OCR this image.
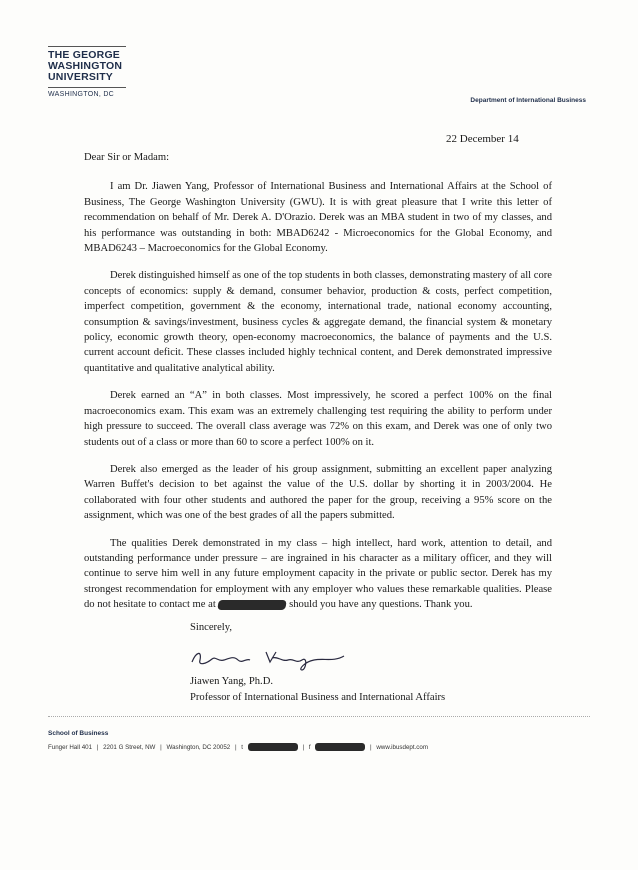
THE GEORGE
WASHINGTON
UNIVERSITY
WASHINGTON, DC
Department of International Business
22 December 14

Dear Sir or Madam:

I am Dr. Jiawen Yang, Professor of International Business and International Affairs at the School of Business, The George Washington University (GWU). It is with great pleasure that I write this letter of recommendation on behalf of Mr. Derek A. D'Orazio. Derek was an MBA student in two of my classes, and his performance was outstanding in both: MBAD6242 - Microeconomics for the Global Economy, and MBAD6243 – Macroeconomics for the Global Economy.

Derek distinguished himself as one of the top students in both classes, demonstrating mastery of all core concepts of economics: supply & demand, consumer behavior, production & costs, perfect competition, imperfect competition, government & the economy, international trade, national economy accounting, consumption & savings/investment, business cycles & aggregate demand, the financial system & monetary policy, economic growth theory, open-economy macroeconomics, the balance of payments and the U.S. current account deficit. These classes included highly technical content, and Derek demonstrated impressive quantitative and qualitative analytical ability.

Derek earned an “A” in both classes. Most impressively, he scored a perfect 100% on the final macroeconomics exam. This exam was an extremely challenging test requiring the ability to perform under high pressure to succeed. The overall class average was 72% on this exam, and Derek was one of only two students out of a class or more than 60 to score a perfect 100% on it.

Derek also emerged as the leader of his group assignment, submitting an excellent paper analyzing Warren Buffet's decision to bet against the value of the U.S. dollar by shorting it in 2003/2004. He collaborated with four other students and authored the paper for the group, receiving a 95% score on the assignment, which was one of the best grades of all the papers submitted.

The qualities Derek demonstrated in my class – high intellect, hard work, attention to detail, and outstanding performance under pressure – are ingrained in his character as a military officer, and they will continue to serve him well in any future employment capacity in the private or public sector. Derek has my strongest recommendation for employment with any employer who values these remarkable qualities. Please do not hesitate to contact me at	should you have any questions. Thank you.

Sincerely,
Jiawen Yang, Ph.D.
Professor of International Business and International Affairs
School of Business
Funger Hall 401 | 2201 G Street, NW | Washington, DC 20052 | t	| f	| www.ibusdept.com
